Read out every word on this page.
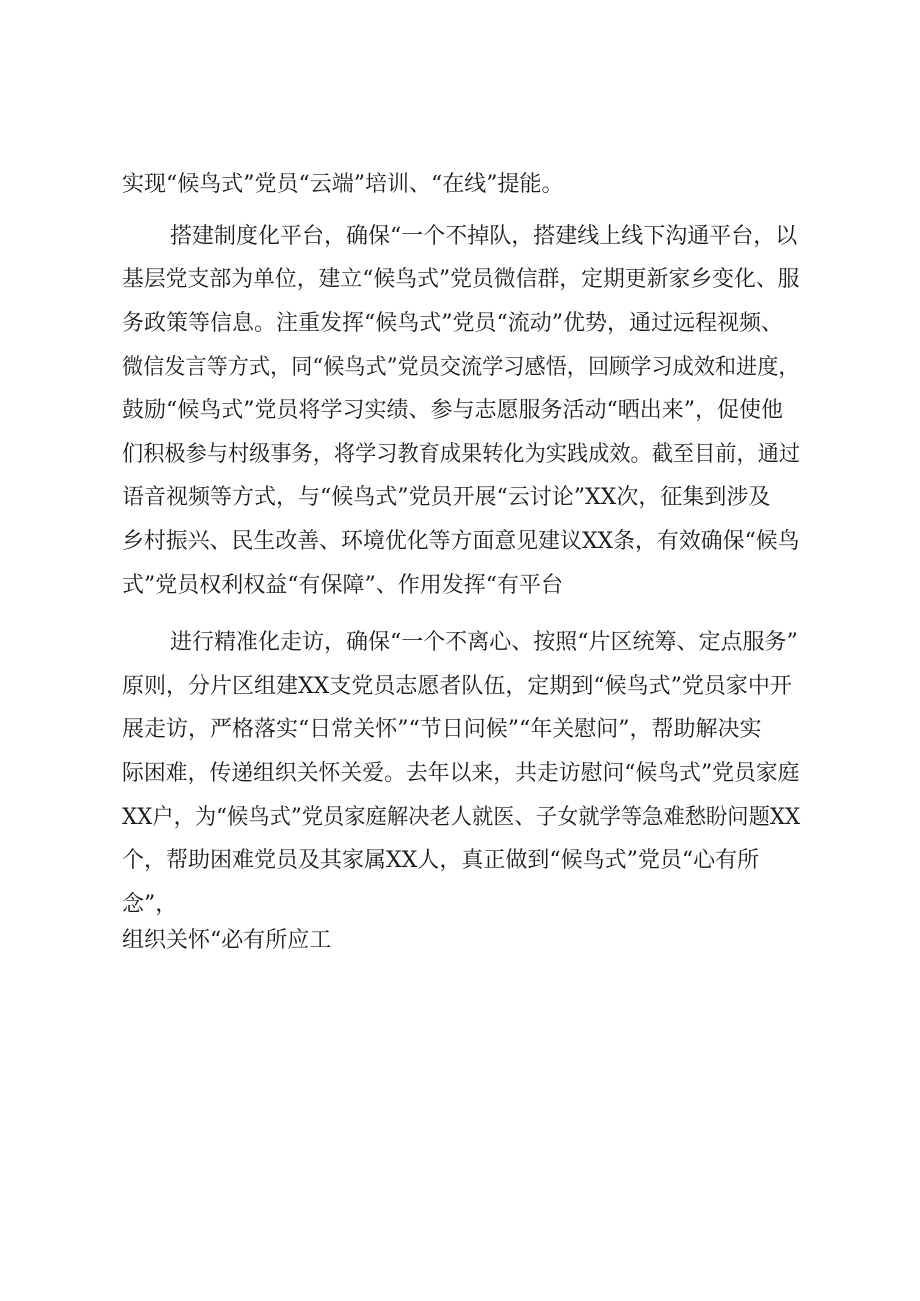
实现“候鸟式”党员“云端”培训、“在线”提能。
搭建制度化平台，确保“一个不掉队，搭建线上线下沟通平台，以
基层党支部为单位，建立“候鸟式”党员微信群，定期更新家乡变化、服
务政策等信息。注重发挥“候鸟式”党员“流动”优势，通过远程视频、
微信发言等方式，同“候鸟式”党员交流学习感悟，回顾学习成效和进度，
鼓励“候鸟式”党员将学习实绩、参与志愿服务活动“晒出来”，促使他
们积极参与村级事务，将学习教育成果转化为实践成效。截至目前，通过
语音视频等方式，与“候鸟式”党员开展“云讨论”XX次，征集到涉及
乡村振兴、民生改善、环境优化等方面意见建议XX条，有效确保“候鸟
式”党员权利权益“有保障”、作用发挥“有平台
进行精准化走访，确保“一个不离心、按照“片区统筹、定点服务”
原则，分片区组建XX支党员志愿者队伍，定期到“候鸟式”党员家中开
展走访，严格落实“日常关怀”“节日问候”“年关慰问”，帮助解决实
际困难，传递组织关怀关爱。去年以来，共走访慰问“候鸟式”党员家庭
XX户，为“候鸟式”党员家庭解决老人就医、子女就学等急难愁盼问题XX
个，帮助困难党员及其家属XX人，真正做到“候鸟式”党员“心有所
念”，
组织关怀“必有所应工
